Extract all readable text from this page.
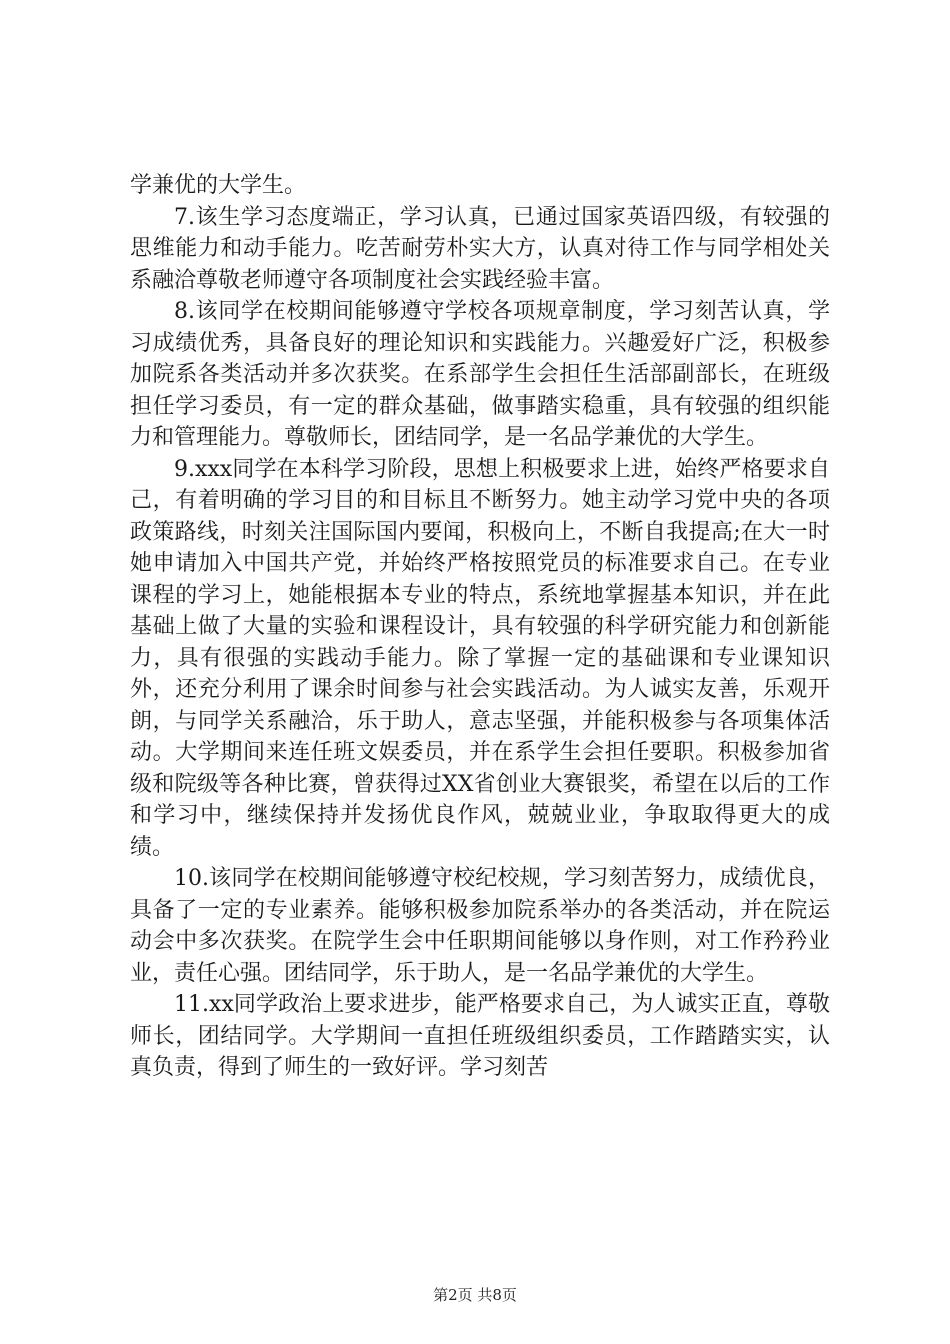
学兼优的大学生。

7.该生学习态度端正，学习认真，已通过国家英语四级，有较强的思维能力和动手能力。吃苦耐劳朴实大方，认真对待工作与同学相处关系融洽尊敬老师遵守各项制度社会实践经验丰富。

8.该同学在校期间能够遵守学校各项规章制度，学习刻苦认真，学习成绩优秀，具备良好的理论知识和实践能力。兴趣爱好广泛，积极参加院系各类活动并多次获奖。在系部学生会担任生活部副部长，在班级担任学习委员，有一定的群众基础，做事踏实稳重，具有较强的组织能力和管理能力。尊敬师长，团结同学，是一名品学兼优的大学生。

9.xxx同学在本科学习阶段，思想上积极要求上进，始终严格要求自己，有着明确的学习目的和目标且不断努力。她主动学习党中央的各项政策路线，时刻关注国际国内要闻，积极向上，不断自我提高;在大一时她申请加入中国共产党，并始终严格按照党员的标准要求自己。在专业课程的学习上，她能根据本专业的特点，系统地掌握基本知识，并在此基础上做了大量的实验和课程设计，具有较强的科学研究能力和创新能力，具有很强的实践动手能力。除了掌握一定的基础课和专业课知识外，还充分利用了课余时间参与社会实践活动。为人诚实友善，乐观开朗，与同学关系融洽，乐于助人，意志坚强，并能积极参与各项集体活动。大学期间来连任班文娱委员，并在系学生会担任要职。积极参加省级和院级等各种比赛，曾获得过XX省创业大赛银奖，希望在以后的工作和学习中，继续保持并发扬优良作风，兢兢业业，争取取得更大的成绩。

10.该同学在校期间能够遵守校纪校规，学习刻苦努力，成绩优良，具备了一定的专业素养。能够积极参加院系举办的各类活动，并在院运动会中多次获奖。在院学生会中任职期间能够以身作则，对工作矜矜业业，责任心强。团结同学，乐于助人，是一名品学兼优的大学生。

11.xx同学政治上要求进步，能严格要求自己，为人诚实正直，尊敬师长，团结同学。大学期间一直担任班级组织委员，工作踏踏实实，认真负责，得到了师生的一致好评。学习刻苦

第2页 共8页
